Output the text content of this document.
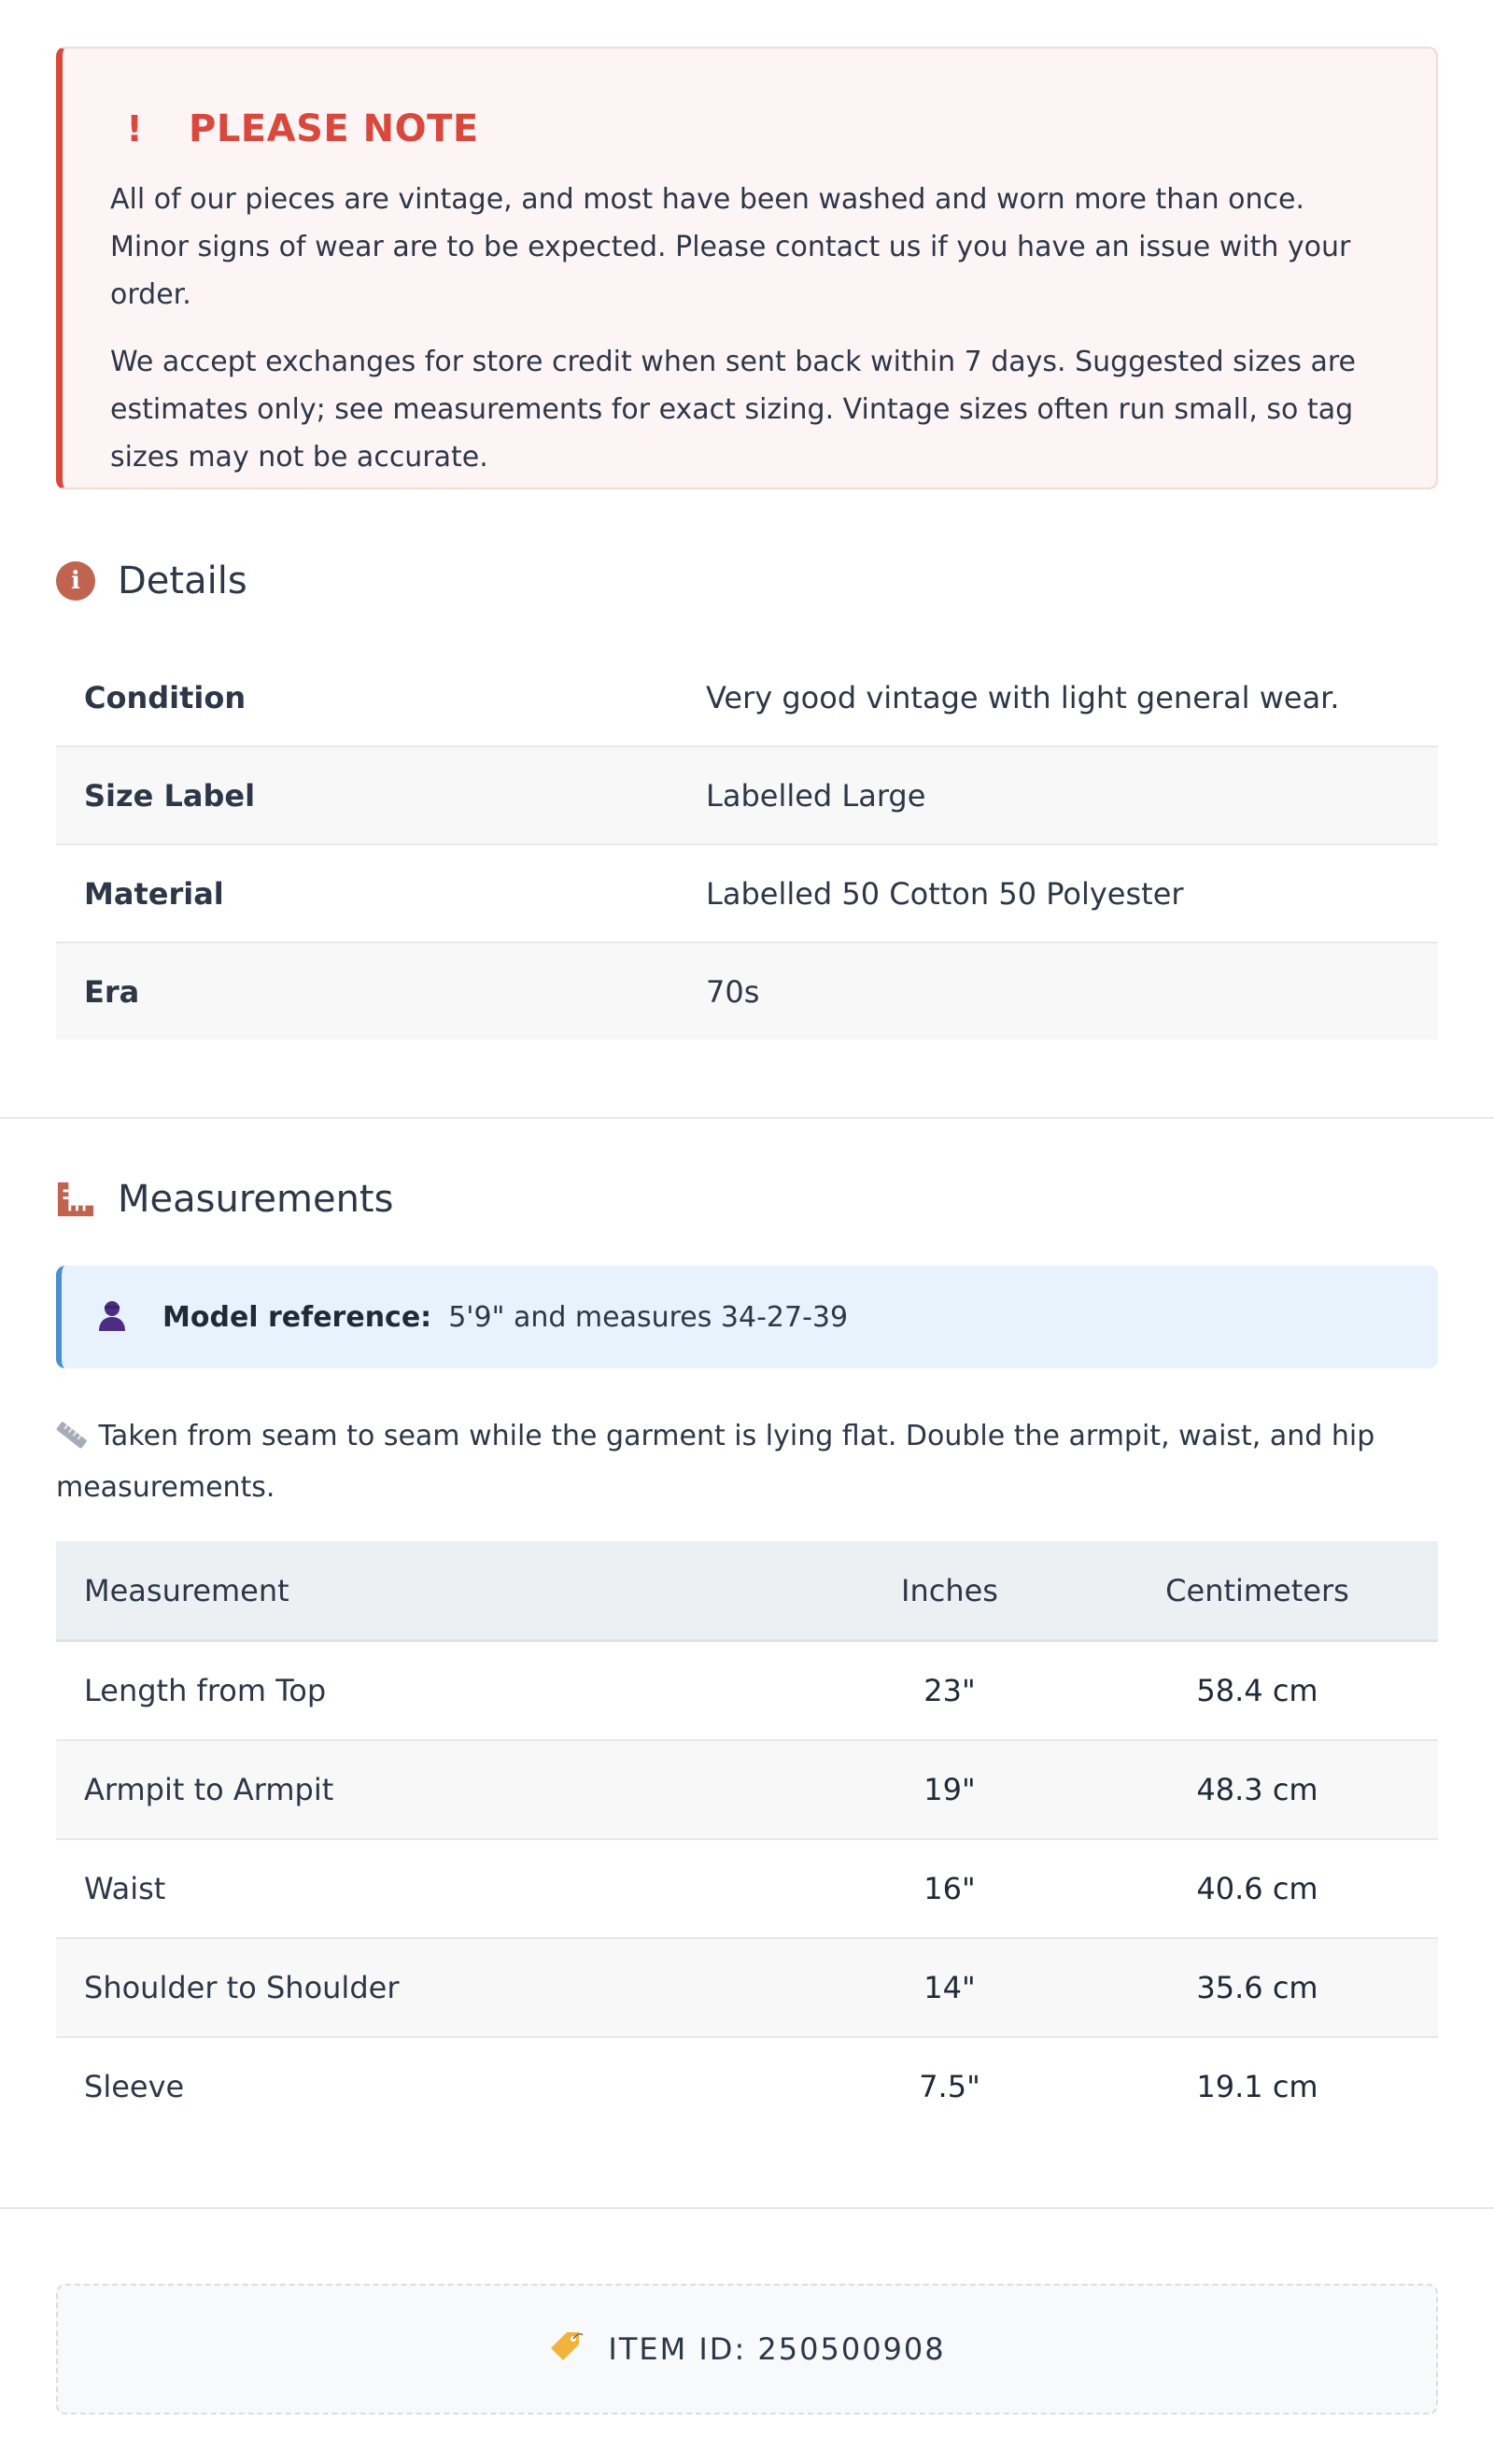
! PLEASE NOTE

All of our pieces are vintage, and most have been washed and worn more than once. Minor signs of wear are to be expected. Please contact us if you have an issue with your order.

We accept exchanges for store credit when sent back within 7 days. Suggested sizes are estimates only; see measurements for exact sizing. Vintage sizes often run small, so tag sizes may not be accurate.

i	Details
Condition	Very good vintage with light general wear.
Size Label	Labelled Large
Material	Labelled 50 Cotton 50 Polyester
Era	70s
Measurements
Model reference: 5'9" and measures 34-27-39
Taken from seam to seam while the garment is lying flat. Double the armpit, waist, and hip measurements.
Measurement	Inches	Centimeters
Length from Top	23"	58.4 cm
Armpit to Armpit	19"	48.3 cm
Waist	16"	40.6 cm
Shoulder to Shoulder	14"	35.6 cm
Sleeve	7.5"	19.1 cm
ITEM ID: 250500908
